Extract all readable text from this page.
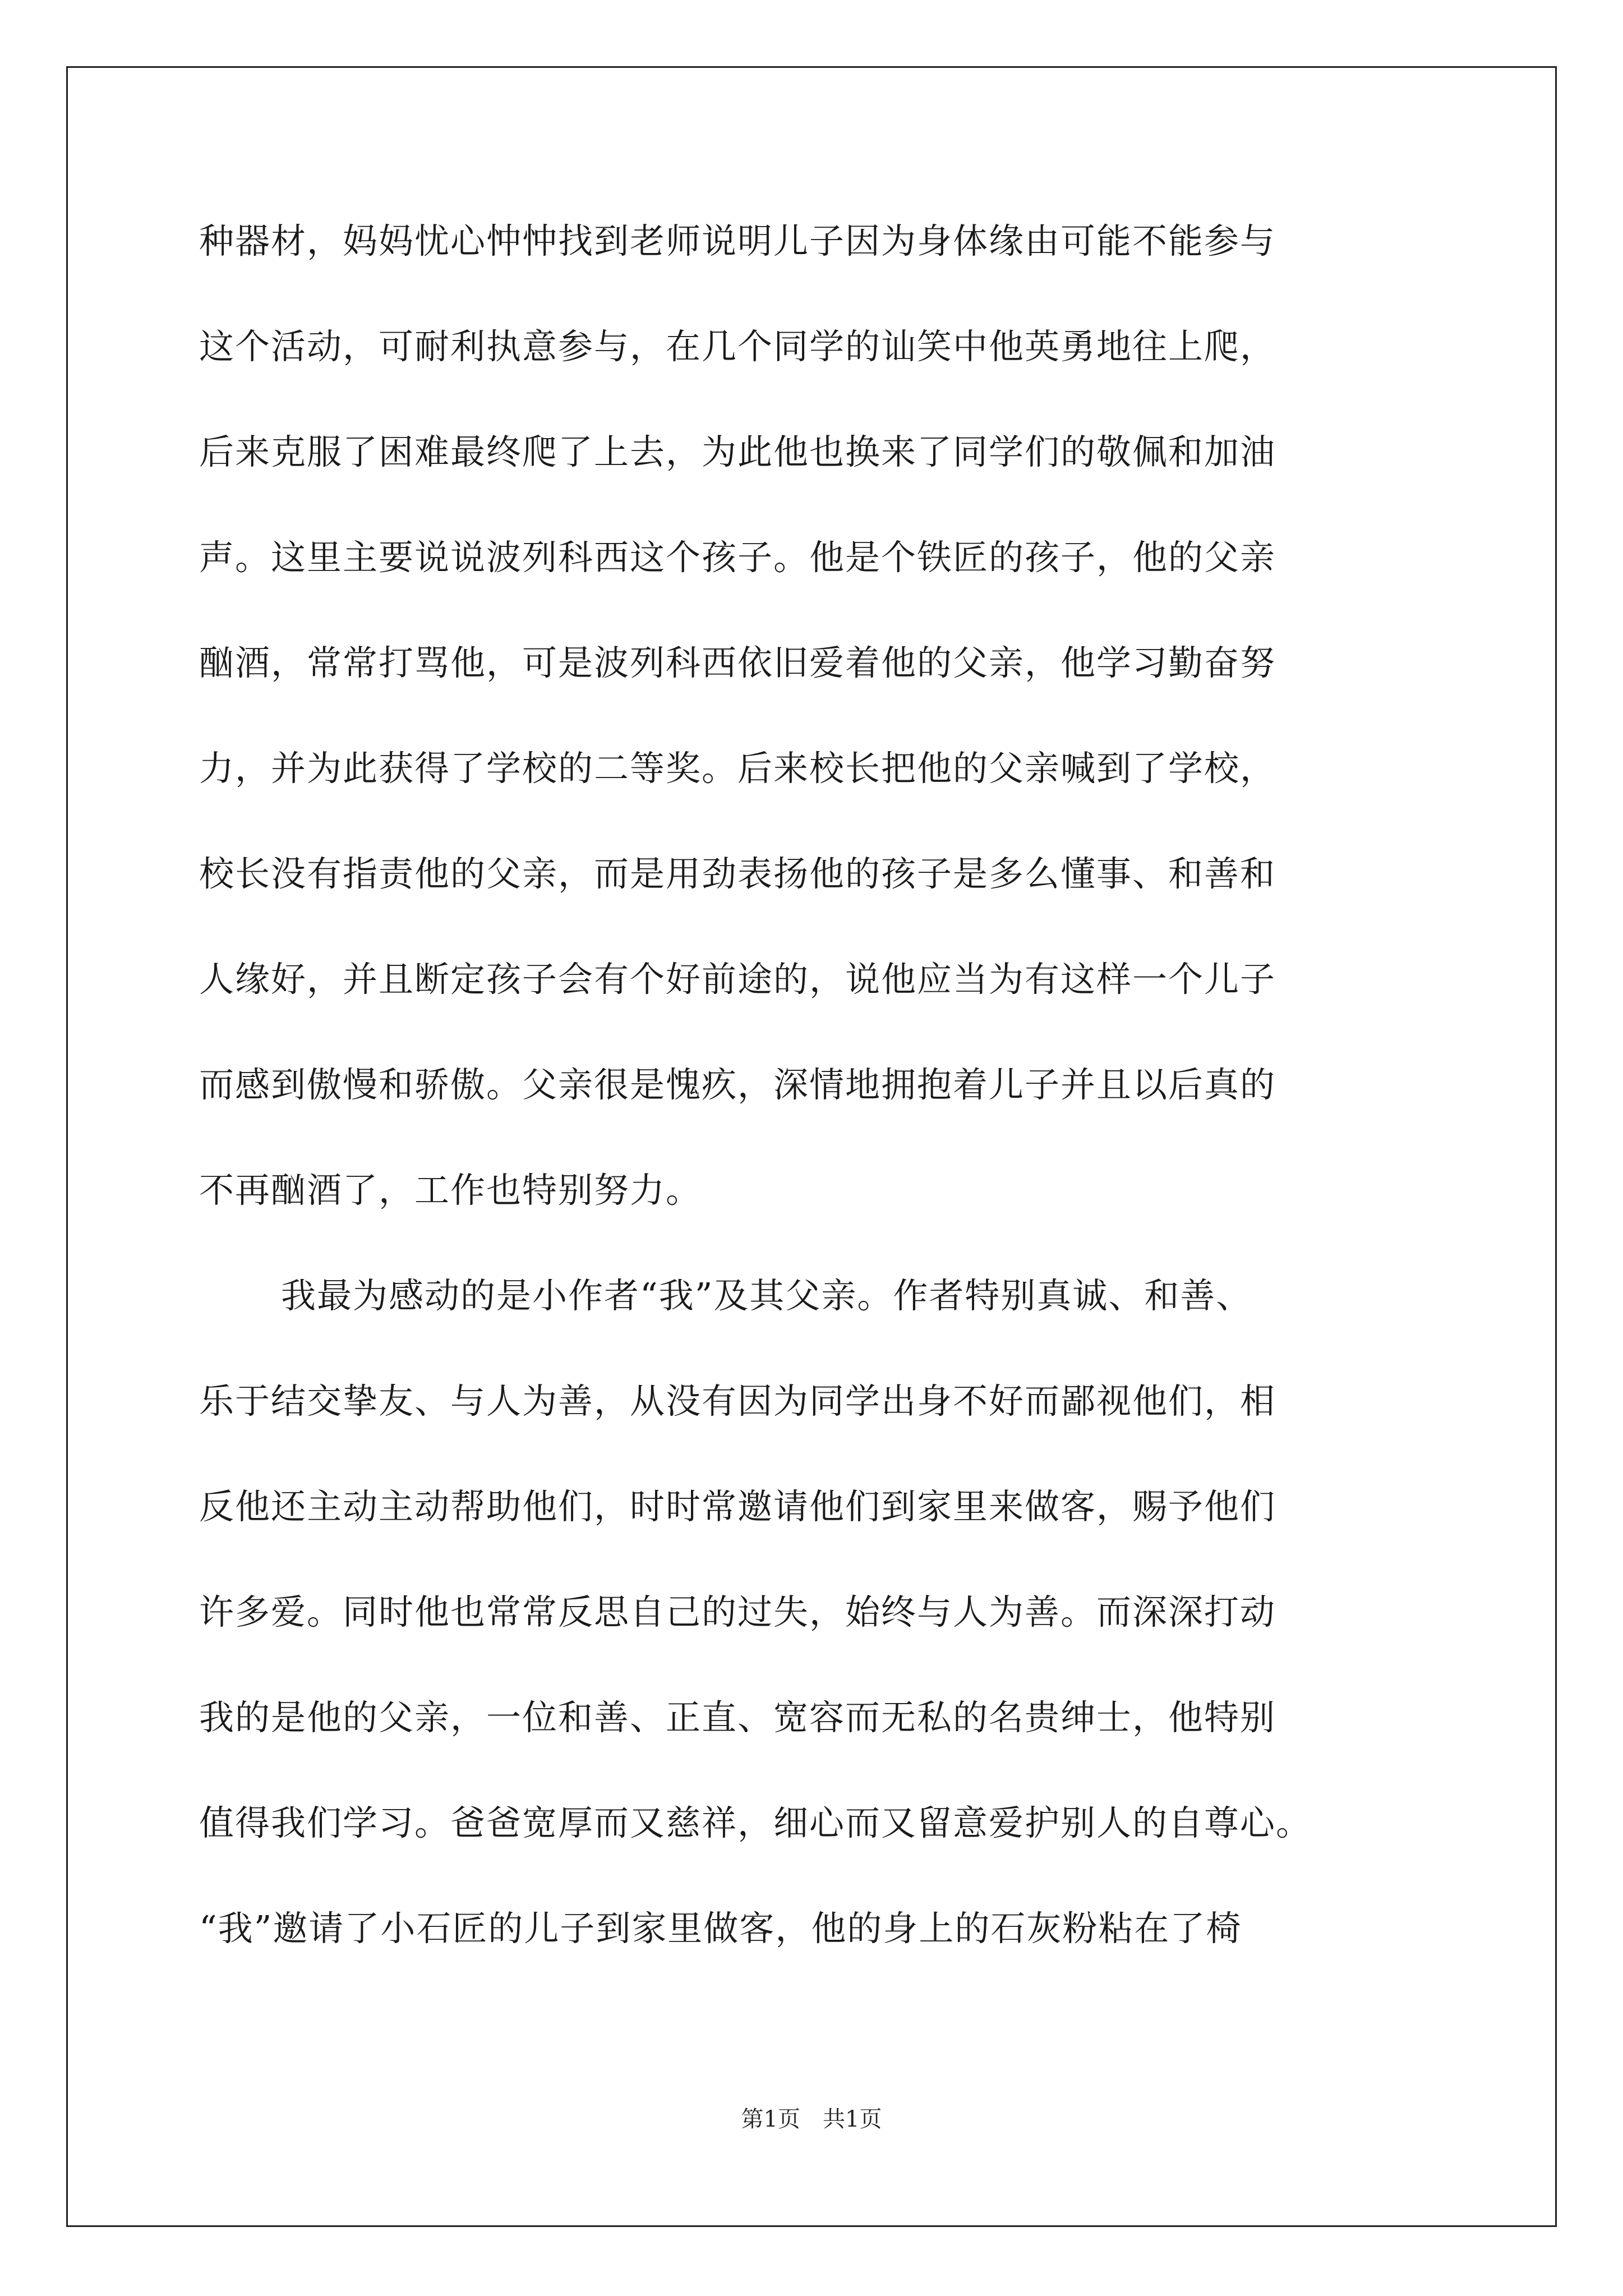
种器材，妈妈忧心忡忡找到老师说明儿子因为身体缘由可能不能参与
这个活动，可耐利执意参与，在几个同学的讪笑中他英勇地往上爬，
后来克服了困难最终爬了上去，为此他也换来了同学们的敬佩和加油
声。这里主要说说波列科西这个孩子。他是个铁匠的孩子，他的父亲
酗酒，常常打骂他，可是波列科西依旧爱着他的父亲，他学习勤奋努
力，并为此获得了学校的二等奖。后来校长把他的父亲喊到了学校，
校长没有指责他的父亲，而是用劲表扬他的孩子是多么懂事、和善和
人缘好，并且断定孩子会有个好前途的，说他应当为有这样一个儿子
而感到傲慢和骄傲。父亲很是愧疚，深情地拥抱着儿子并且以后真的
不再酗酒了，工作也特别努力。
我最为感动的是小作者“我”及其父亲。作者特别真诚、和善、
乐于结交挚友、与人为善，从没有因为同学出身不好而鄙视他们，相
反他还主动主动帮助他们，时时常邀请他们到家里来做客，赐予他们
许多爱。同时他也常常反思自己的过失，始终与人为善。而深深打动
我的是他的父亲，一位和善、正直、宽容而无私的名贵绅士，他特别
值得我们学习。爸爸宽厚而又慈祥，细心而又留意爱护别人的自尊心。
“我”邀请了小石匠的儿子到家里做客，他的身上的石灰粉粘在了椅
第1页 共1页
